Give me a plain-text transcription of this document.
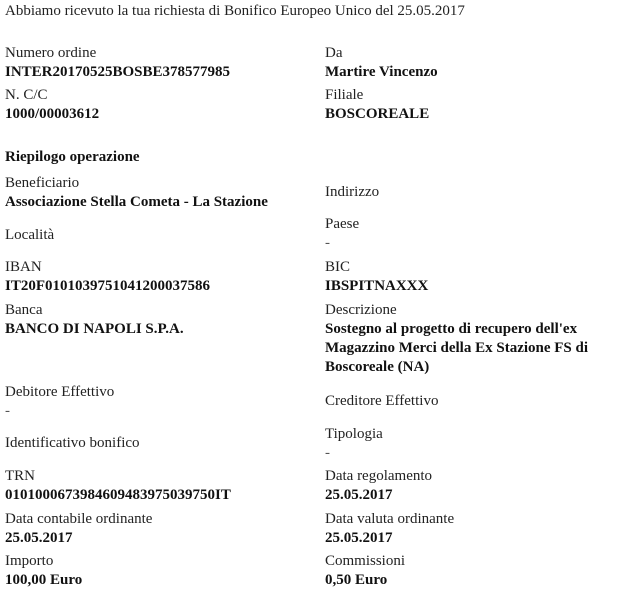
Abbiamo ricevuto la tua richiesta di Bonifico Europeo Unico del 25.05.2017
Numero ordine
INTER20170525BOSBE378577985
Da
Martire Vincenzo
N. C/C
1000/00003612
Filiale
BOSCOREALE
Riepilogo operazione
Beneficiario
Associazione Stella Cometa - La Stazione
Indirizzo
Località
Paese
-
IBAN
IT20F0101039751041200037586
BIC
IBSPITNAXXX
Banca
BANCO DI NAPOLI S.P.A.
Descrizione
Sostegno al progetto di recupero dell'ex Magazzino Merci della Ex Stazione FS di Boscoreale (NA)
Debitore Effettivo
-
Creditore Effettivo
Identificativo bonifico
Tipologia
-
TRN
0101000673984609483975039750IT
Data regolamento
25.05.2017
Data contabile ordinante
25.05.2017
Data valuta ordinante
25.05.2017
Importo
100,00 Euro
Commissioni
0,50 Euro
